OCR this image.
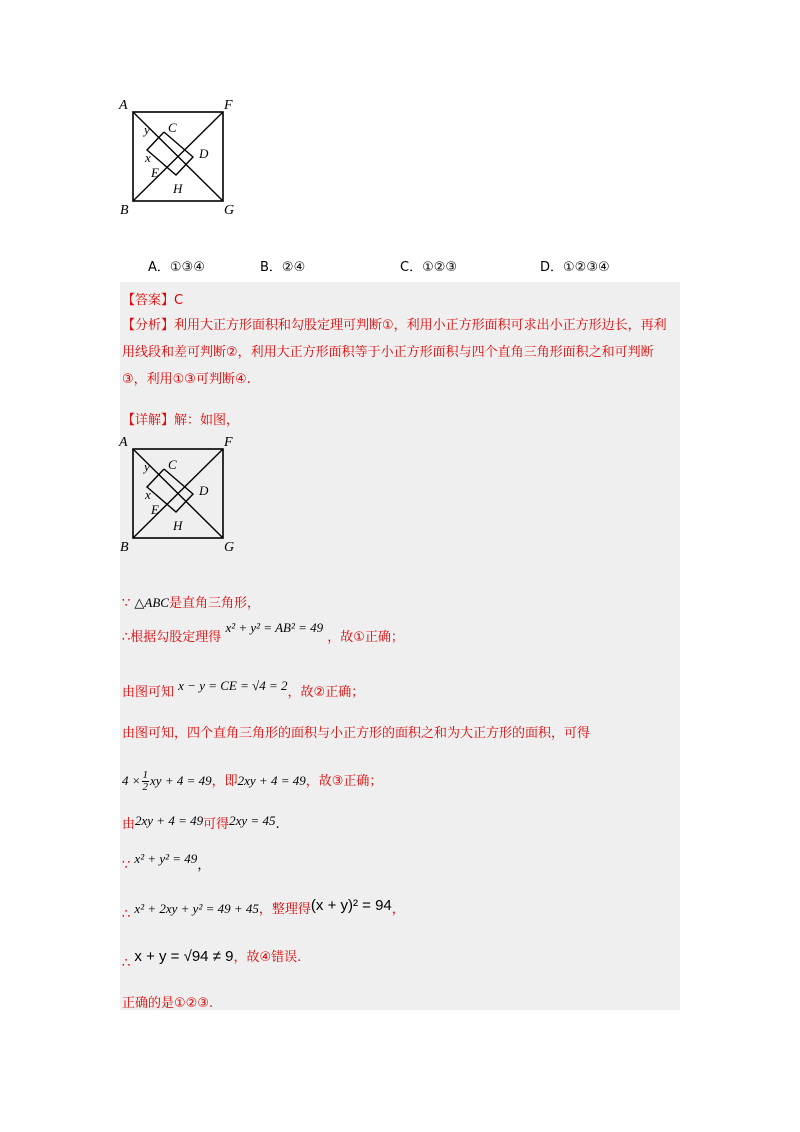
A	F
B	G
y C
D
x
E
H
A．①③④	B．②④	C．①②③	D．①②③④
【答案】C
【分析】利用大正方形面积和勾股定理可判断①，利用小正方形面积可求出小正方形边长，再利用线段和差可判断②，利用大正方形面积等于小正方形面积与四个直角三角形面积之和可判断③，利用①③可判断④.
【详解】解：如图，
A	F
B	G
y C
D
x
E
H
∵ △ABC是直角三角形，
∴根据勾股定理得 x² + y² = AB² = 49 ，故①正确；
由图可知 x − y = CE = √4 = 2，故②正确；
由图可知，四个直角三角形的面积与小正方形的面积之和为大正方形的面积，可得
$4 \times \frac{1}{2}$ xy + 4 = 49，即2xy + 4 = 49，故③正确；
由2xy + 4 = 49可得2xy = 45.
∵ x² + y² = 49，
∴ x² + 2xy + y² = 49 + 45，整理得(x + y)² = 94，
∴ x + y = √94 ≠ 9，故④错误.
正确的是①②③.
